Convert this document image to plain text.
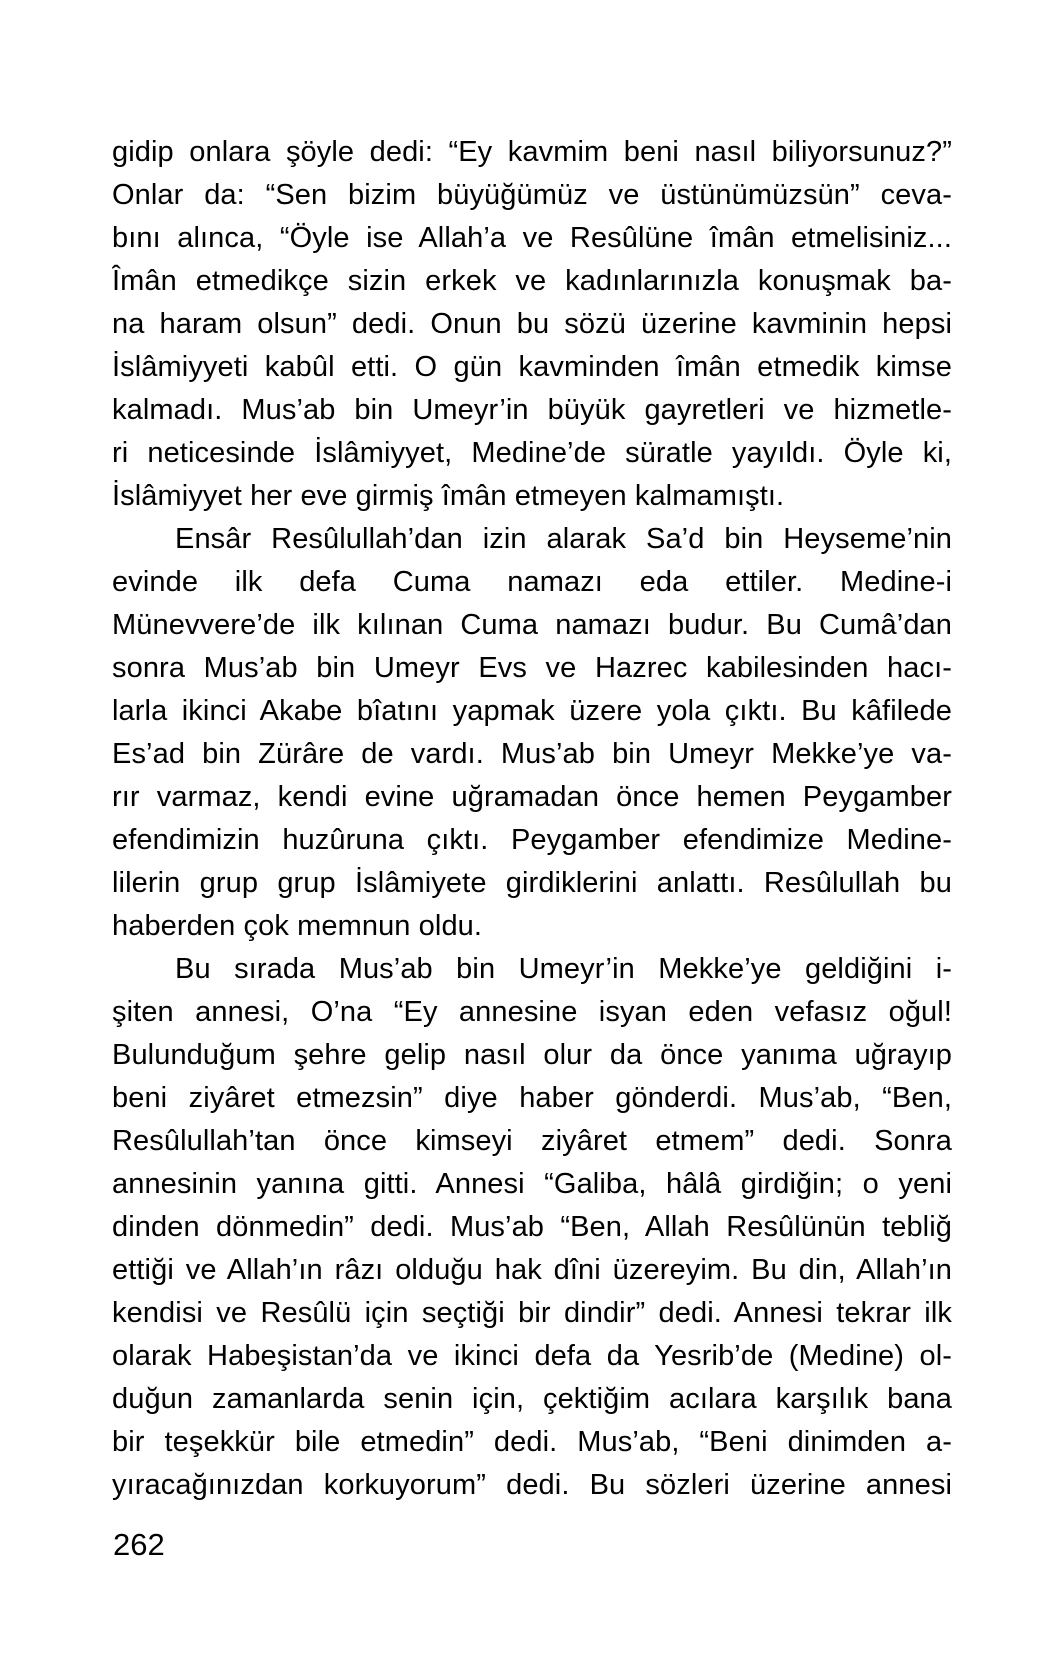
gidip onlara şöyle dedi: “Ey kavmim beni nasıl biliyorsunuz?”
Onlar da: “Sen bizim büyüğümüz ve üstünümüzsün” ceva-
bını alınca, “Öyle ise Allah’a ve Resûlüne îmân etmelisiniz...
Îmân etmedikçe sizin erkek ve kadınlarınızla konuşmak ba-
na haram olsun” dedi. Onun bu sözü üzerine kavminin hepsi
İslâmiyyeti kabûl etti. O gün kavminden îmân etmedik kimse
kalmadı. Mus’ab bin Umeyr’in büyük gayretleri ve hizmetle-
ri neticesinde İslâmiyyet, Medine’de süratle yayıldı. Öyle ki,
İslâmiyyet her eve girmiş îmân etmeyen kalmamıştı.
Ensâr Resûlullah’dan izin alarak Sa’d bin Heyseme’nin
evinde ilk defa Cuma namazı eda ettiler. Medine-i
Münevvere’de ilk kılınan Cuma namazı budur. Bu Cumâ’dan
sonra Mus’ab bin Umeyr Evs ve Hazrec kabilesinden hacı-
larla ikinci Akabe bîatını yapmak üzere yola çıktı. Bu kâfilede
Es’ad bin Zürâre de vardı. Mus’ab bin Umeyr Mekke’ye va-
rır varmaz, kendi evine uğramadan önce hemen Peygamber
efendimizin huzûruna çıktı. Peygamber efendimize Medine-
lilerin grup grup İslâmiyete girdiklerini anlattı. Resûlullah bu
haberden çok memnun oldu.
Bu sırada Mus’ab bin Umeyr’in Mekke’ye geldiğini i-
şiten annesi, O’na “Ey annesine isyan eden vefasız oğul!
Bulunduğum şehre gelip nasıl olur da önce yanıma uğrayıp
beni ziyâret etmezsin” diye haber gönderdi. Mus’ab, “Ben,
Resûlullah’tan önce kimseyi ziyâret etmem” dedi. Sonra
annesinin yanına gitti. Annesi “Galiba, hâlâ girdiğin; o yeni
dinden dönmedin” dedi. Mus’ab “Ben, Allah Resûlünün tebliğ
ettiği ve Allah’ın râzı olduğu hak dîni üzereyim. Bu din, Allah’ın
kendisi ve Resûlü için seçtiği bir dindir” dedi. Annesi tekrar ilk
olarak Habeşistan’da ve ikinci defa da Yesrib’de (Medine) ol-
duğun zamanlarda senin için, çektiğim acılara karşılık bana
bir teşekkür bile etmedin” dedi. Mus’ab, “Beni dinimden a-
yıracağınızdan korkuyorum” dedi. Bu sözleri üzerine annesi
262
